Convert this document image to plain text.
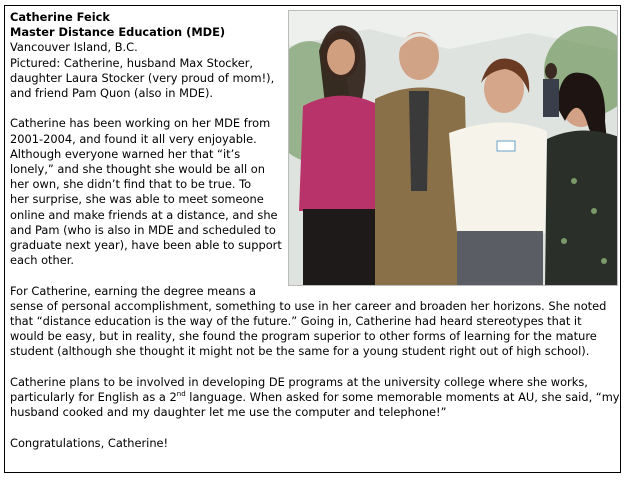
Catherine Feick

Master Distance Education (MDE)

Vancouver Island, B.C.

Pictured: Catherine, husband Max Stocker,

daughter Laura Stocker (very proud of mom!),

and friend Pam Quon (also in MDE).

Catherine has been working on her MDE from

2001-2004, and found it all very enjoyable.

Although everyone warned her that “it’s

lonely,” and she thought she would be all on

her own, she didn’t find that to be true. To

her surprise, she was able to meet someone

online and make friends at a distance, and she

and Pam (who is also in MDE and scheduled to

graduate next year), have been able to support

each other.

For Catherine, earning the degree means a

sense of personal accomplishment, something to use in her career and broaden her horizons. She noted

that “distance education is the way of the future.” Going in, Catherine had heard stereotypes that it

would be easy, but in reality, she found the program superior to other forms of learning for the mature

student (although she thought it might not be the same for a young student right out of high school).

Catherine plans to be involved in developing DE programs at the university college where she works,

particularly for English as a 2nd language. When asked for some memorable moments at AU, she said, “my

husband cooked and my daughter let me use the computer and telephone!”

Congratulations, Catherine!
